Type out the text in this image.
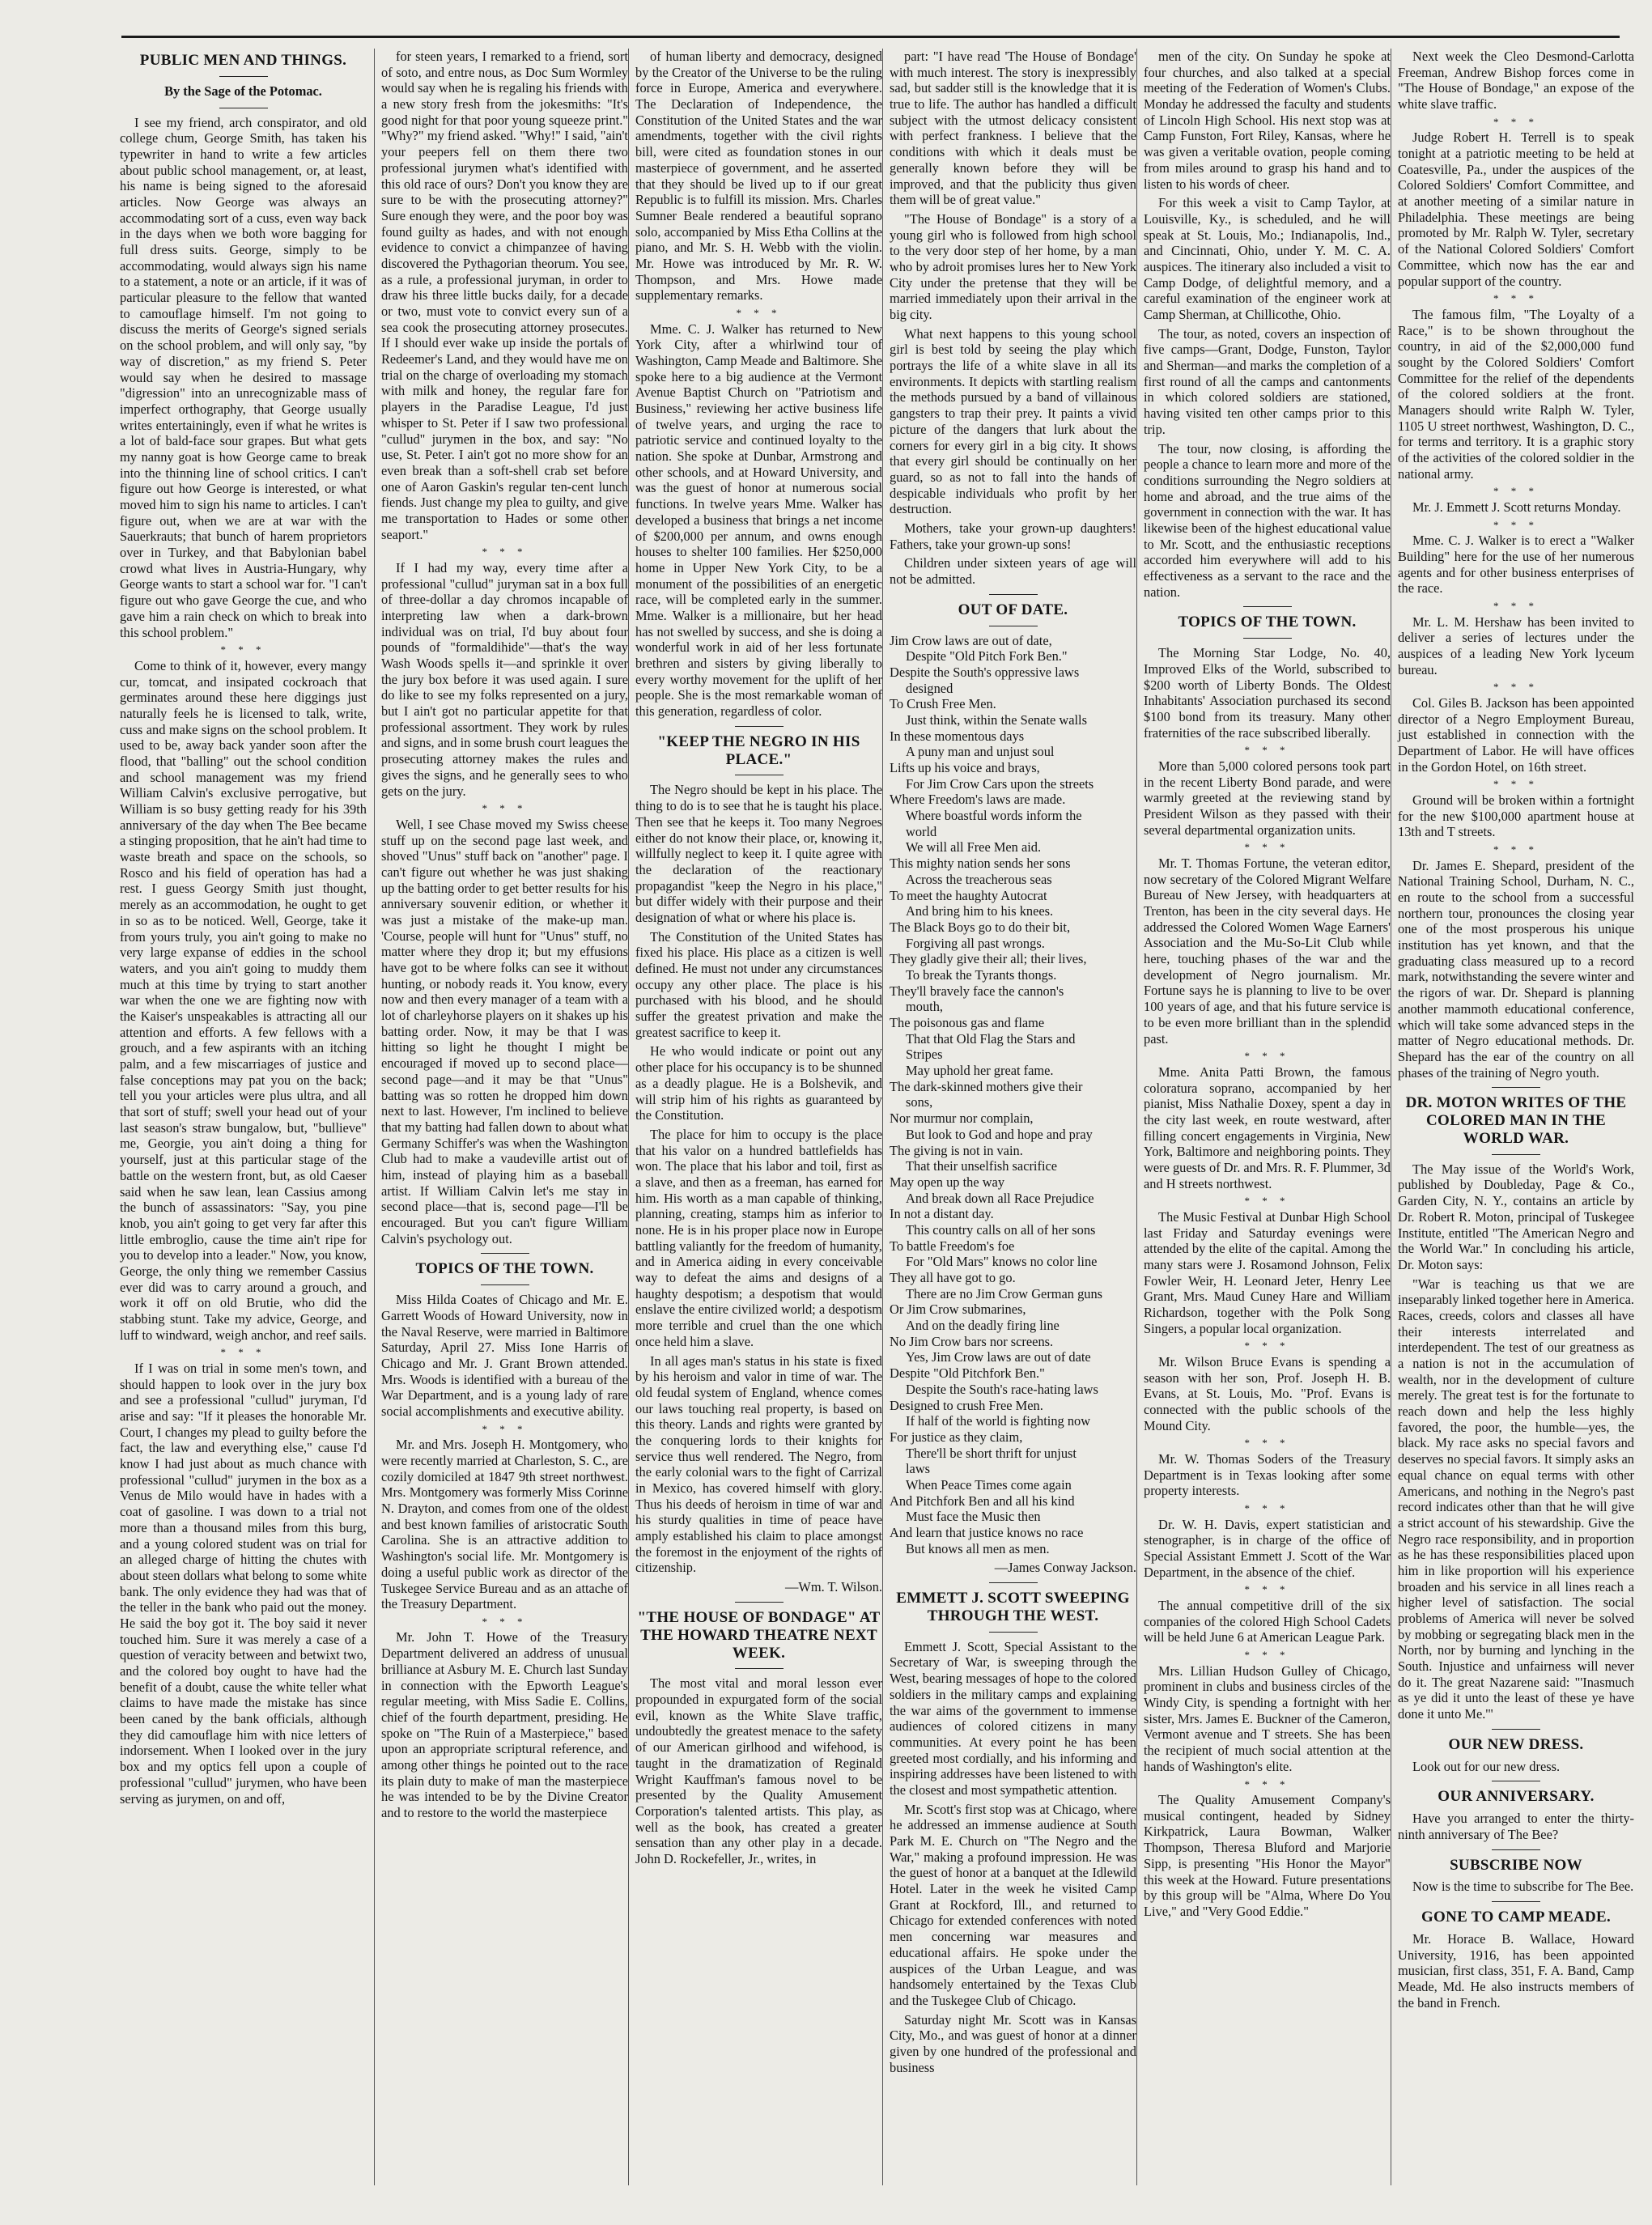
PUBLIC MEN AND THINGS.
By the Sage of the Potomac.

I see my friend, arch conspirator, and old college chum, George Smith, has taken his typewriter in hand to write a few articles about public school management, or, at least, his name is being signed to the aforesaid articles. Now George was always an accommodating sort of a cuss, even way back in the days when we both wore bagging for full dress suits. George, simply to be accommodating, would always sign his name to a statement, a note or an article, if it was of particular pleasure to the fellow that wanted to camouflage himself. I'm not going to discuss the merits of George's signed serials on the school problem, and will only say, "by way of discretion," as my friend S. Peter would say when he desired to massage "digression" into an unrecognizable mass of imperfect orthography, that George usually writes entertainingly, even if what he writes is a lot of bald-face sour grapes. But what gets my nanny goat is how George came to break into the thinning line of school critics. I can't figure out how George is interested, or what moved him to sign his name to articles. I can't figure out, when we are at war with the Sauerkrauts; that bunch of harem proprietors over in Turkey, and that Babylonian babel crowd what lives in Austria-Hungary, why George wants to start a school war for. "I can't figure out who gave George the cue, and who gave him a rain check on which to break into this school problem."

* * *

Come to think of it, however, every mangy cur, tomcat, and insipated cockroach that germinates around these here diggings just naturally feels he is licensed to talk, write, cuss and make signs on the school problem. It used to be, away back yander soon after the flood, that "balling" out the school condition and school management was my friend William Calvin's exclusive perrogative, but William is so busy getting ready for his 39th anniversary of the day when The Bee became a stinging proposition, that he ain't had time to waste breath and space on the schools, so Rosco and his field of operation has had a rest. I guess Georgy Smith just thought, merely as an accommodation, he ought to get in so as to be noticed. Well, George, take it from yours truly, you ain't going to make no very large expanse of eddies in the school waters, and you ain't going to muddy them much at this time by trying to start another war when the one we are fighting now with the Kaiser's unspeakables is attracting all our attention and efforts. A few fellows with a grouch, and a few aspirants with an itching palm, and a few miscarriages of justice and false conceptions may pat you on the back; tell you your articles were plus ultra, and all that sort of stuff; swell your head out of your last season's straw bungalow, but, "bullieve" me, Georgie, you ain't doing a thing for yourself, just at this particular stage of the battle on the western front, but, as old Caeser said when he saw lean, lean Cassius among the bunch of assassinators: "Say, you pine knob, you ain't going to get very far after this little embroglio, cause the time ain't ripe for you to develop into a leader." Now, you know, George, the only thing we remember Cassius ever did was to carry around a grouch, and work it off on old Brutie, who did the stabbing stunt. Take my advice, George, and luff to windward, weigh anchor, and reef sails.

* * *

If I was on trial in some men's town, and should happen to look over in the jury box and see a professional "cullud" juryman, I'd arise and say: "If it pleases the honorable Mr. Court, I changes my plead to guilty before the fact, the law and everything else," cause I'd know I had just about as much chance with professional "cullud" jurymen in the box as a Venus de Milo would have in hades with a coat of gasoline. I was down to a trial not more than a thousand miles from this burg, and a young colored student was on trial for an alleged charge of hitting the chutes with about steen dollars what belong to some white bank. The only evidence they had was that of the teller in the bank who paid out the money. He said the boy got it. The boy said it never touched him. Sure it was merely a case of a question of veracity between and betwixt two, and the colored boy ought to have had the benefit of a doubt, cause the white teller what claims to have made the mistake has since been caned by the bank officials, although they did camouflage him with nice letters of indorsement. When I looked over in the jury box and my optics fell upon a couple of professional "cullud" jurymen, who have been serving as jurymen, on and off,

for steen years, I remarked to a friend, sort of soto, and entre nous, as Doc Sum Wormley would say when he is regaling his friends with a new story fresh from the jokesmiths: "It's good night for that poor young squeeze print." "Why?" my friend asked. "Why!" I said, "ain't your peepers fell on them there two professional jurymen what's identified with this old race of ours? Don't you know they are sure to be with the prosecuting attorney?" Sure enough they were, and the poor boy was found guilty as hades, and with not enough evidence to convict a chimpanzee of having discovered the Pythagorian theorum. You see, as a rule, a professional juryman, in order to draw his three little bucks daily, for a decade or two, must vote to convict every sun of a sea cook the prosecuting attorney prosecutes. If I should ever wake up inside the portals of Redeemer's Land, and they would have me on trial on the charge of overloading my stomach with milk and honey, the regular fare for players in the Paradise League, I'd just whisper to St. Peter if I saw two professional "cullud" jurymen in the box, and say: "No use, St. Peter. I ain't got no more show for an even break than a soft-shell crab set before one of Aaron Gaskin's regular ten-cent lunch fiends. Just change my plea to guilty, and give me transportation to Hades or some other seaport."

* * *

If I had my way, every time after a professional "cullud" juryman sat in a box full of three-dollar a day chromos incapable of interpreting law when a dark-brown individual was on trial, I'd buy about four pounds of "formaldihide"—that's the way Wash Woods spells it—and sprinkle it over the jury box before it was used again. I sure do like to see my folks represented on a jury, but I ain't got no particular appetite for that professional assortment. They work by rules and signs, and in some brush court leagues the prosecuting attorney makes the rules and gives the signs, and he generally sees to who gets on the jury.

* * *

Well, I see Chase moved my Swiss cheese stuff up on the second page last week, and shoved "Unus" stuff back on "another" page. I can't figure out whether he was just shaking up the batting order to get better results for his anniversary souvenir edition, or whether it was just a mistake of the make-up man. 'Course, people will hunt for "Unus" stuff, no matter where they drop it; but my effusions have got to be where folks can see it without hunting, or nobody reads it. You know, every now and then every manager of a team with a lot of charleyhorse players on it shakes up his batting order. Now, it may be that I was hitting so light he thought I might be encouraged if moved up to second place—second page—and it may be that "Unus" batting was so rotten he dropped him down next to last. However, I'm inclined to believe that my batting had fallen down to about what Germany Schiffer's was when the Washington Club had to make a vaudeville artist out of him, instead of playing him as a baseball artist. If William Calvin let's me stay in second place—that is, second page—I'll be encouraged. But you can't figure William Calvin's psychology out.

TOPICS OF THE TOWN.

Miss Hilda Coates of Chicago and Mr. E. Garrett Woods of Howard University, now in the Naval Reserve, were married in Baltimore Saturday, April 27. Miss Ione Harris of Chicago and Mr. J. Grant Brown attended. Mrs. Woods is identified with a bureau of the War Department, and is a young lady of rare social accomplishments and executive ability.

* * *

Mr. and Mrs. Joseph H. Montgomery, who were recently married at Charleston, S. C., are cozily domiciled at 1847 9th street northwest. Mrs. Montgomery was formerly Miss Corinne N. Drayton, and comes from one of the oldest and best known families of aristocratic South Carolina. She is an attractive addition to Washington's social life. Mr. Montgomery is doing a useful public work as director of the Tuskegee Service Bureau and as an attache of the Treasury Department.

* * *

Mr. John T. Howe of the Treasury Department delivered an address of unusual brilliance at Asbury M. E. Church last Sunday in connection with the Epworth League's regular meeting, with Miss Sadie E. Collins, chief of the fourth department, presiding. He spoke on "The Ruin of a Masterpiece," based upon an appropriate scriptural reference, and among other things he pointed out to the race its plain duty to make of man the masterpiece he was intended to be by the Divine Creator and to restore to the world the masterpiece

of human liberty and democracy, designed by the Creator of the Universe to be the ruling force in Europe, America and everywhere. The Declaration of Independence, the Constitution of the United States and the war amendments, together with the civil rights bill, were cited as foundation stones in our masterpiece of government, and he asserted that they should be lived up to if our great Republic is to fulfill its mission. Mrs. Charles Sumner Beale rendered a beautiful soprano solo, accompanied by Miss Etha Collins at the piano, and Mr. S. H. Webb with the violin. Mr. Howe was introduced by Mr. R. W. Thompson, and Mrs. Howe made supplementary remarks.

* * *

Mme. C. J. Walker has returned to New York City, after a whirlwind tour of Washington, Camp Meade and Baltimore. She spoke here to a big audience at the Vermont Avenue Baptist Church on "Patriotism and Business," reviewing her active business life of twelve years, and urging the race to patriotic service and continued loyalty to the nation. She spoke at Dunbar, Armstrong and other schools, and at Howard University, and was the guest of honor at numerous social functions. In twelve years Mme. Walker has developed a business that brings a net income of $200,000 per annum, and owns enough houses to shelter 100 families. Her $250,000 home in Upper New York City, to be a monument of the possibilities of an energetic race, will be completed early in the summer. Mme. Walker is a millionaire, but her head has not swelled by success, and she is doing a wonderful work in aid of her less fortunate brethren and sisters by giving liberally to every worthy movement for the uplift of her people. She is the most remarkable woman of this generation, regardless of color.

"KEEP THE NEGRO IN HIS PLACE."

The Negro should be kept in his place. The thing to do is to see that he is taught his place. Then see that he keeps it. Too many Negroes either do not know their place, or, knowing it, willfully neglect to keep it. I quite agree with the declaration of the reactionary propagandist "keep the Negro in his place," but differ widely with their purpose and their designation of what or where his place is.

The Constitution of the United States has fixed his place. His place as a citizen is well defined. He must not under any circumstances occupy any other place. The place is his purchased with his blood, and he should suffer the greatest privation and make the greatest sacrifice to keep it.

He who would indicate or point out any other place for his occupancy is to be shunned as a deadly plague. He is a Bolshevik, and will strip him of his rights as guaranteed by the Constitution.

The place for him to occupy is the place that his valor on a hundred battlefields has won. The place that his labor and toil, first as a slave, and then as a freeman, has earned for him. His worth as a man capable of thinking, planning, creating, stamps him as inferior to none. He is in his proper place now in Europe battling valiantly for the freedom of humanity, and in America aiding in every conceivable way to defeat the aims and designs of a haughty despotism; a despotism that would enslave the entire civilized world; a despotism more terrible and cruel than the one which once held him a slave.

In all ages man's status in his state is fixed by his heroism and valor in time of war. The old feudal system of England, whence comes our laws touching real property, is based on this theory. Lands and rights were granted by the conquering lords to their knights for service thus well rendered. The Negro, from the early colonial wars to the fight of Carrizal in Mexico, has covered himself with glory. Thus his deeds of heroism in time of war and his sturdy qualities in time of peace have amply established his claim to place amongst the foremost in the enjoyment of the rights of citizenship.

—Wm. T. Wilson.
"THE HOUSE OF BONDAGE" AT THE HOWARD THEATRE NEXT WEEK.

The most vital and moral lesson ever propounded in expurgated form of the social evil, known as the White Slave traffic, undoubtedly the greatest menace to the safety of our American girlhood and wifehood, is taught in the dramatization of Reginald Wright Kauffman's famous novel to be presented by the Quality Amusement Corporation's talented artists. This play, as well as the book, has created a greater sensation than any other play in a decade. John D. Rockefeller, Jr., writes, in

part: "I have read 'The House of Bondage' with much interest. The story is inexpressibly sad, but sadder still is the knowledge that it is true to life. The author has handled a difficult subject with the utmost delicacy consistent with perfect frankness. I believe that the conditions with which it deals must be generally known before they will be improved, and that the publicity thus given them will be of great value."

"The House of Bondage" is a story of a young girl who is followed from high school to the very door step of her home, by a man who by adroit promises lures her to New York City under the pretense that they will be married immediately upon their arrival in the big city.

What next happens to this young school girl is best told by seeing the play which portrays the life of a white slave in all its environments. It depicts with startling realism the methods pursued by a band of villainous gangsters to trap their prey. It paints a vivid picture of the dangers that lurk about the corners for every girl in a big city. It shows that every girl should be continually on her guard, so as not to fall into the hands of despicable individuals who profit by her destruction.

Mothers, take your grown-up daughters! Fathers, take your grown-up sons!

Children under sixteen years of age will not be admitted.

OUT OF DATE.

Jim Crow laws are out of date,

Despite "Old Pitch Fork Ben."

Despite the South's oppressive laws

designed

To Crush Free Men.

Just think, within the Senate walls

In these momentous days

A puny man and unjust soul

Lifts up his voice and brays,

For Jim Crow Cars upon the streets

Where Freedom's laws are made.

Where boastful words inform the

world

We will all Free Men aid.

This mighty nation sends her sons

Across the treacherous seas

To meet the haughty Autocrat

And bring him to his knees.

The Black Boys go to do their bit,

Forgiving all past wrongs.

They gladly give their all; their lives,

To break the Tyrants thongs.

They'll bravely face the cannon's

mouth,

The poisonous gas and flame

That that Old Flag the Stars and

Stripes

May uphold her great fame.

The dark-skinned mothers give their

sons,

Nor murmur nor complain,

But look to God and hope and pray

The giving is not in vain.

That their unselfish sacrifice

May open up the way

And break down all Race Prejudice

In not a distant day.

This country calls on all of her sons

To battle Freedom's foe

For "Old Mars" knows no color line

They all have got to go.

There are no Jim Crow German guns

Or Jim Crow submarines,

And on the deadly firing line

No Jim Crow bars nor screens.

Yes, Jim Crow laws are out of date

Despite "Old Pitchfork Ben."

Despite the South's race-hating laws

Designed to crush Free Men.

If half of the world is fighting now

For justice as they claim,

There'll be short thrift for unjust

laws

When Peace Times come again

And Pitchfork Ben and all his kind

Must face the Music then

And learn that justice knows no race

But knows all men as men.

—James Conway Jackson.
EMMETT J. SCOTT SWEEPING THROUGH THE WEST.

Emmett J. Scott, Special Assistant to the Secretary of War, is sweeping through the West, bearing messages of hope to the colored soldiers in the military camps and explaining the war aims of the government to immense audiences of colored citizens in many communities. At every point he has been greeted most cordially, and his informing and inspiring addresses have been listened to with the closest and most sympathetic attention.

Mr. Scott's first stop was at Chicago, where he addressed an immense audience at South Park M. E. Church on "The Negro and the War," making a profound impression. He was the guest of honor at a banquet at the Idlewild Hotel. Later in the week he visited Camp Grant at Rockford, Ill., and returned to Chicago for extended conferences with noted men concerning war measures and educational affairs. He spoke under the auspices of the Urban League, and was handsomely entertained by the Texas Club and the Tuskegee Club of Chicago.

Saturday night Mr. Scott was in Kansas City, Mo., and was guest of honor at a dinner given by one hundred of the professional and business

men of the city. On Sunday he spoke at four churches, and also talked at a special meeting of the Federation of Women's Clubs. Monday he addressed the faculty and students of Lincoln High School. His next stop was at Camp Funston, Fort Riley, Kansas, where he was given a veritable ovation, people coming from miles around to grasp his hand and to listen to his words of cheer.

For this week a visit to Camp Taylor, at Louisville, Ky., is scheduled, and he will speak at St. Louis, Mo.; Indianapolis, Ind., and Cincinnati, Ohio, under Y. M. C. A. auspices. The itinerary also included a visit to Camp Dodge, of delightful memory, and a careful examination of the engineer work at Camp Sherman, at Chillicothe, Ohio.

The tour, as noted, covers an inspection of five camps—Grant, Dodge, Funston, Taylor and Sherman—and marks the completion of a first round of all the camps and cantonments in which colored soldiers are stationed, having visited ten other camps prior to this trip.

The tour, now closing, is affording the people a chance to learn more and more of the conditions surrounding the Negro soldiers at home and abroad, and the true aims of the government in connection with the war. It has likewise been of the highest educational value to Mr. Scott, and the enthusiastic receptions accorded him everywhere will add to his effectiveness as a servant to the race and the nation.

TOPICS OF THE TOWN.

The Morning Star Lodge, No. 40, Improved Elks of the World, subscribed to $200 worth of Liberty Bonds. The Oldest Inhabitants' Association purchased its second $100 bond from its treasury. Many other fraternities of the race subscribed liberally.

* * *

More than 5,000 colored persons took part in the recent Liberty Bond parade, and were warmly greeted at the reviewing stand by President Wilson as they passed with their several departmental organization units.

* * *

Mr. T. Thomas Fortune, the veteran editor, now secretary of the Colored Migrant Welfare Bureau of New Jersey, with headquarters at Trenton, has been in the city several days. He addressed the Colored Women Wage Earners' Association and the Mu-So-Lit Club while here, touching phases of the war and the development of Negro journalism. Mr. Fortune says he is planning to live to be over 100 years of age, and that his future service is to be even more brilliant than in the splendid past.

* * *

Mme. Anita Patti Brown, the famous coloratura soprano, accompanied by her pianist, Miss Nathalie Doxey, spent a day in the city last week, en route westward, after filling concert engagements in Virginia, New York, Baltimore and neighboring points. They were guests of Dr. and Mrs. R. F. Plummer, 3d and H streets northwest.

* * *

The Music Festival at Dunbar High School last Friday and Saturday evenings were attended by the elite of the capital. Among the many stars were J. Rosamond Johnson, Felix Fowler Weir, H. Leonard Jeter, Henry Lee Grant, Mrs. Maud Cuney Hare and William Richardson, together with the Polk Song Singers, a popular local organization.

* * *

Mr. Wilson Bruce Evans is spending a season with her son, Prof. Joseph H. B. Evans, at St. Louis, Mo. "Prof. Evans is connected with the public schools of the Mound City.

* * *

Mr. W. Thomas Soders of the Treasury Department is in Texas looking after some property interests.

* * *

Dr. W. H. Davis, expert statistician and stenographer, is in charge of the office of Special Assistant Emmett J. Scott of the War Department, in the absence of the chief.

* * *

The annual competitive drill of the six companies of the colored High School Cadets will be held June 6 at American League Park.

* * *

Mrs. Lillian Hudson Gulley of Chicago, prominent in clubs and business circles of the Windy City, is spending a fortnight with her sister, Mrs. James E. Buckner of the Cameron, Vermont avenue and T streets. She has been the recipient of much social attention at the hands of Washington's elite.

* * *

The Quality Amusement Company's musical contingent, headed by Sidney Kirkpatrick, Laura Bowman, Walker Thompson, Theresa Bluford and Marjorie Sipp, is presenting "His Honor the Mayor" this week at the Howard. Future presentations by this group will be "Alma, Where Do You Live," and "Very Good Eddie."

Next week the Cleo Desmond-Carlotta Freeman, Andrew Bishop forces come in "The House of Bondage," an expose of the white slave traffic.

* * *

Judge Robert H. Terrell is to speak tonight at a patriotic meeting to be held at Coatesville, Pa., under the auspices of the Colored Soldiers' Comfort Committee, and at another meeting of a similar nature in Philadelphia. These meetings are being promoted by Mr. Ralph W. Tyler, secretary of the National Colored Soldiers' Comfort Committee, which now has the ear and popular support of the country.

* * *

The famous film, "The Loyalty of a Race," is to be shown throughout the country, in aid of the $2,000,000 fund sought by the Colored Soldiers' Comfort Committee for the relief of the dependents of the colored soldiers at the front. Managers should write Ralph W. Tyler, 1105 U street northwest, Washington, D. C., for terms and territory. It is a graphic story of the activities of the colored soldier in the national army.

* * *

Mr. J. Emmett J. Scott returns Monday.

* * *

Mme. C. J. Walker is to erect a "Walker Building" here for the use of her numerous agents and for other business enterprises of the race.

* * *

Mr. L. M. Hershaw has been invited to deliver a series of lectures under the auspices of a leading New York lyceum bureau.

* * *

Col. Giles B. Jackson has been appointed director of a Negro Employment Bureau, just established in connection with the Department of Labor. He will have offices in the Gordon Hotel, on 16th street.

* * *

Ground will be broken within a fortnight for the new $100,000 apartment house at 13th and T streets.

* * *

Dr. James E. Shepard, president of the National Training School, Durham, N. C., en route to the school from a successful northern tour, pronounces the closing year one of the most prosperous his unique institution has yet known, and that the graduating class measured up to a record mark, notwithstanding the severe winter and the rigors of war. Dr. Shepard is planning another mammoth educational conference, which will take some advanced steps in the matter of Negro educational methods. Dr. Shepard has the ear of the country on all phases of the training of Negro youth.

DR. MOTON WRITES OF THE COLORED MAN IN THE WORLD WAR.

The May issue of the World's Work, published by Doubleday, Page & Co., Garden City, N. Y., contains an article by Dr. Robert R. Moton, principal of Tuskegee Institute, entitled "The American Negro and the World War." In concluding his article, Dr. Moton says:

"War is teaching us that we are inseparably linked together here in America. Races, creeds, colors and classes all have their interests interrelated and interdependent. The test of our greatness as a nation is not in the accumulation of wealth, nor in the development of culture merely. The great test is for the fortunate to reach down and help the less highly favored, the poor, the humble—yes, the black. My race asks no special favors and deserves no special favors. It simply asks an equal chance on equal terms with other Americans, and nothing in the Negro's past record indicates other than that he will give a strict account of his stewardship. Give the Negro race responsibility, and in proportion as he has these responsibilities placed upon him in like proportion will his experience broaden and his service in all lines reach a higher level of satisfaction. The social problems of America will never be solved by mobbing or segregating black men in the North, nor by burning and lynching in the South. Injustice and unfairness will never do it. The great Nazarene said: "'Inasmuch as ye did it unto the least of these ye have done it unto Me.'"

OUR NEW DRESS.

Look out for our new dress.

OUR ANNIVERSARY.

Have you arranged to enter the thirty-ninth anniversary of The Bee?

SUBSCRIBE NOW

Now is the time to subscribe for The Bee.

GONE TO CAMP MEADE.

Mr. Horace B. Wallace, Howard University, 1916, has been appointed musician, first class, 351, F. A. Band, Camp Meade, Md. He also instructs members of the band in French.
